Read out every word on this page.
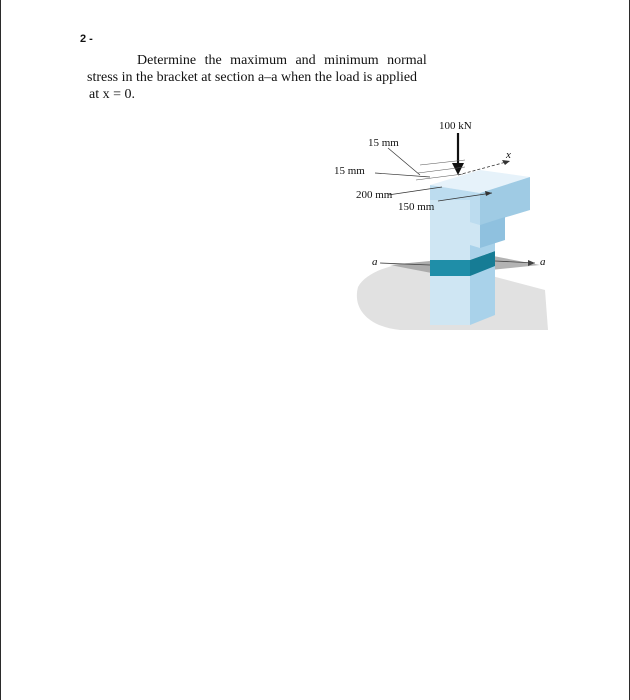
2 -
Determine the maximum and minimum normal
stress in the bracket at section a–a when the load is applied
at x = 0.
100 kN
15 mm
15 mm
200 mm
150 mm
x
a	a
